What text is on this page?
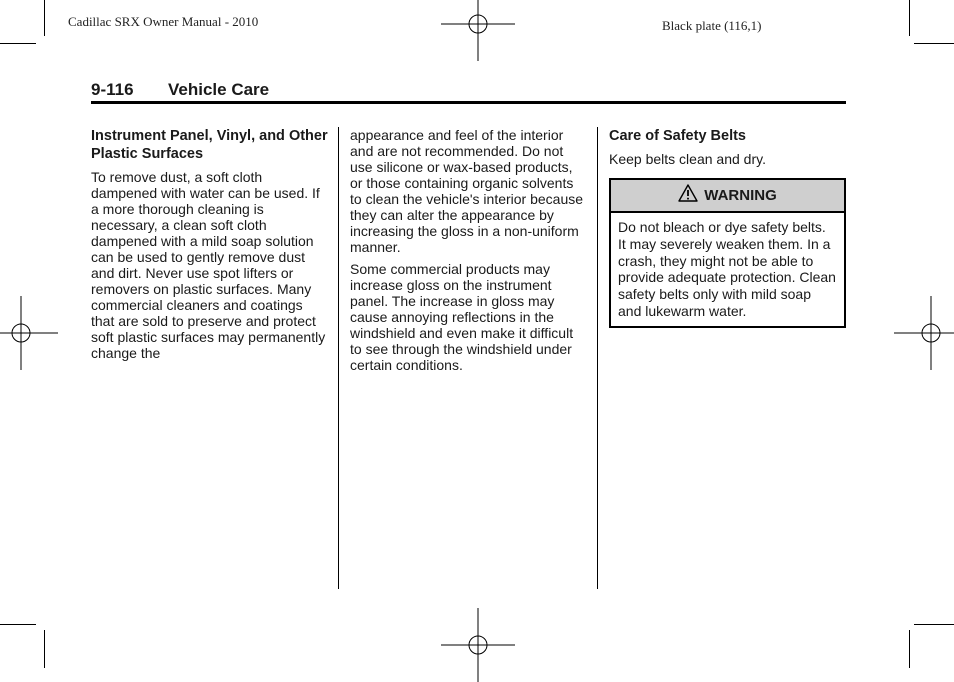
Cadillac SRX Owner Manual - 2010	Black plate (116,1)
9-116 Vehicle Care
Instrument Panel, Vinyl, and Other Plastic Surfaces

To remove dust, a soft cloth dampened with water can be used. If a more thorough cleaning is necessary, a clean soft cloth dampened with a mild soap solution can be used to gently remove dust and dirt. Never use spot lifters or removers on plastic surfaces. Many commercial cleaners and coatings that are sold to preserve and protect soft plastic surfaces may permanently change the

appearance and feel of the interior and are not recommended. Do not use silicone or wax-based products, or those containing organic solvents to clean the vehicle's interior because they can alter the appearance by increasing the gloss in a non-uniform manner.

Some commercial products may increase gloss on the instrument panel. The increase in gloss may cause annoying reflections in the windshield and even make it difficult to see through the windshield under certain conditions.

Care of Safety Belts

Keep belts clean and dry.

WARNING
Do not bleach or dye safety belts. It may severely weaken them. In a crash, they might not be able to provide adequate protection. Clean safety belts only with mild soap and lukewarm water.
